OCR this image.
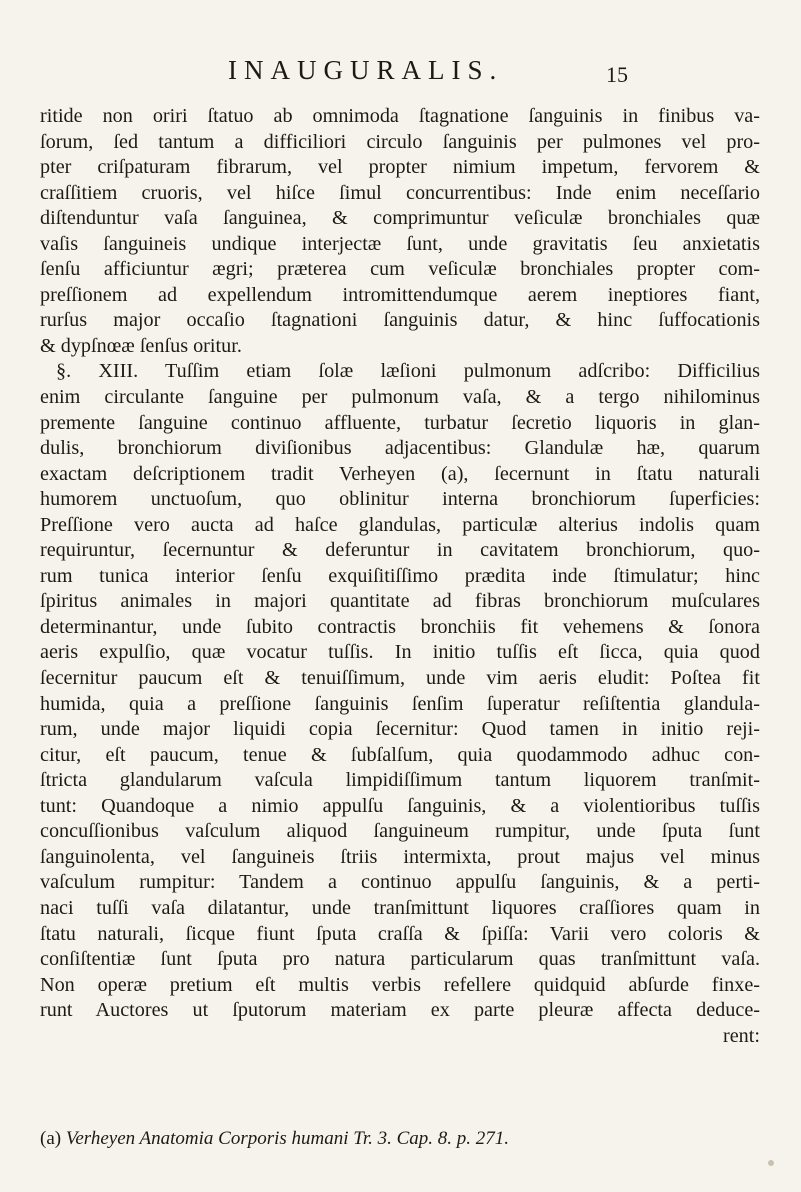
INAUGURALIS.	15
ritide non oriri ſtatuo ab omnimoda ſtagnatione ſanguinis in finibus va-
ſorum, ſed tantum a difficiliori circulo ſanguinis per pulmones vel pro-
pter criſpaturam fibrarum, vel propter nimium impetum, fervorem &
craſſitiem cruoris, vel hiſce ſimul concurrentibus: Inde enim neceſſario
diſtenduntur vaſa ſanguinea, & comprimuntur veſiculæ bronchiales quæ
vaſis ſanguineis undique interjectæ ſunt, unde gravitatis ſeu anxietatis
ſenſu afficiuntur ægri; præterea cum veſiculæ bronchiales propter com-
preſſionem ad expellendum intromittendumque aerem ineptiores fiant,
rurſus major occaſio ſtagnationi ſanguinis datur, & hinc ſuffocationis
& dypſnœæ ſenſus oritur.
§. XIII. Tuſſim etiam ſolæ læſioni pulmonum adſcribo: Difficilius
enim circulante ſanguine per pulmonum vaſa, & a tergo nihilominus
premente ſanguine continuo affluente, turbatur ſecretio liquoris in glan-
dulis, bronchiorum diviſionibus adjacentibus: Glandulæ hæ, quarum
exactam deſcriptionem tradit Verheyen (a), ſecernunt in ſtatu naturali
humorem unctuoſum, quo oblinitur interna bronchiorum ſuperficies:
Preſſione vero aucta ad haſce glandulas, particulæ alterius indolis quam
requiruntur, ſecernuntur & deferuntur in cavitatem bronchiorum, quo-
rum tunica interior ſenſu exquiſitiſſimo prædita inde ſtimulatur; hinc
ſpiritus animales in majori quantitate ad fibras bronchiorum muſculares
determinantur, unde ſubito contractis bronchiis fit vehemens & ſonora
aeris expulſio, quæ vocatur tuſſis. In initio tuſſis eſt ſicca, quia quod
ſecernitur paucum eſt & tenuiſſimum, unde vim aeris eludit: Poſtea fit
humida, quia a preſſione ſanguinis ſenſim ſuperatur reſiſtentia glandula-
rum, unde major liquidi copia ſecernitur: Quod tamen in initio reji-
citur, eſt paucum, tenue & ſubſalſum, quia quodammodo adhuc con-
ſtricta glandularum vaſcula limpidiſſimum tantum liquorem tranſmit-
tunt: Quandoque a nimio appulſu ſanguinis, & a violentioribus tuſſis
concuſſionibus vaſculum aliquod ſanguineum rumpitur, unde ſputa ſunt
ſanguinolenta, vel ſanguineis ſtriis intermixta, prout majus vel minus
vaſculum rumpitur: Tandem a continuo appulſu ſanguinis, & a perti-
naci tuſſi vaſa dilatantur, unde tranſmittunt liquores craſſiores quam in
ſtatu naturali, ſicque fiunt ſputa craſſa & ſpiſſa: Varii vero coloris &
conſiſtentiæ ſunt ſputa pro natura particularum quas tranſmittunt vaſa.
Non operæ pretium eſt multis verbis refellere quidquid abſurde finxe-
runt Auctores ut ſputorum materiam ex parte pleuræ affecta deduce-
rent:
(a) Verheyen Anatomia Corporis humani Tr. 3. Cap. 8. p. 271.
